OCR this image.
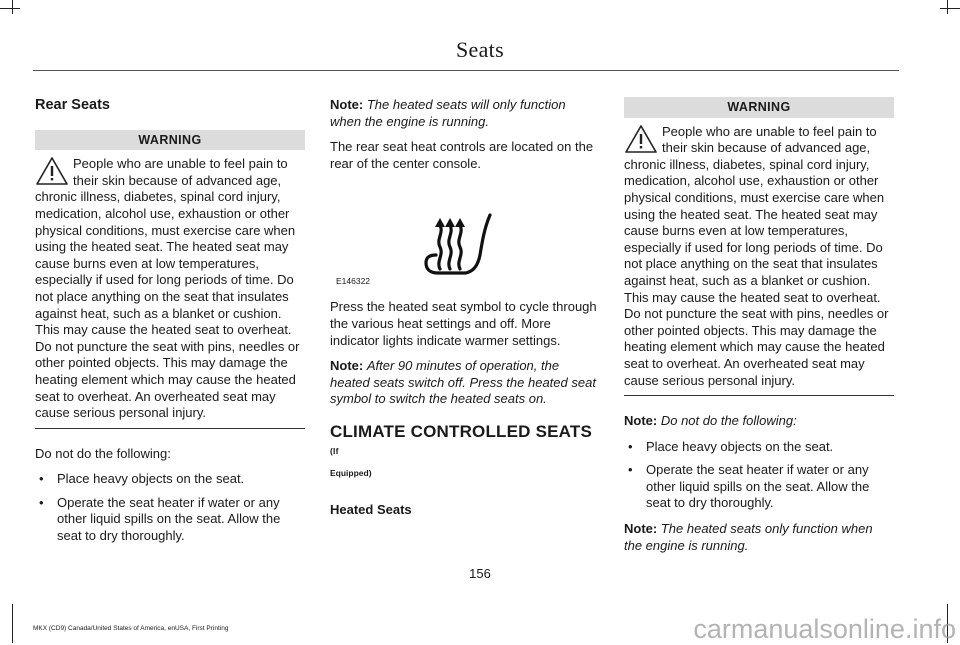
Seats
Rear Seats
WARNING

People who are unable to feel pain to their skin because of advanced age, chronic illness, diabetes, spinal cord injury, medication, alcohol use, exhaustion or other physical conditions, must exercise care when using the heated seat. The heated seat may cause burns even at low temperatures, especially if used for long periods of time. Do not place anything on the seat that insulates against heat, such as a blanket or cushion. This may cause the heated seat to overheat. Do not puncture the seat with pins, needles or other pointed objects. This may damage the heating element which may cause the heated seat to overheat. An overheated seat may cause serious personal injury.

Do not do the following:

• Place heavy objects on the seat.
• Operate the seat heater if water or any other liquid spills on the seat. Allow the seat to dry thoroughly.

Note: The heated seats will only function when the engine is running.

The rear seat heat controls are located on the rear of the center console.

E146322

Press the heated seat symbol to cycle through the various heat settings and off. More indicator lights indicate warmer settings.

Note: After 90 minutes of operation, the heated seats switch off. Press the heated seat symbol to switch the heated seats on.

CLIMATE CONTROLLED SEATS (If
Equipped)
Heated Seats
WARNING

People who are unable to feel pain to their skin because of advanced age, chronic illness, diabetes, spinal cord injury, medication, alcohol use, exhaustion or other physical conditions, must exercise care when using the heated seat. The heated seat may cause burns even at low temperatures, especially if used for long periods of time. Do not place anything on the seat that insulates against heat, such as a blanket or cushion. This may cause the heated seat to overheat. Do not puncture the seat with pins, needles or other pointed objects. This may damage the heating element which may cause the heated seat to overheat. An overheated seat may cause serious personal injury.

Note: Do not do the following:

• Place heavy objects on the seat.
• Operate the seat heater if water or any other liquid spills on the seat. Allow the seat to dry thoroughly.

Note: The heated seats only function when the engine is running.

156
MKX (CD9) Canada/United States of America, enUSA, First Printing	carmanualsonline.info
